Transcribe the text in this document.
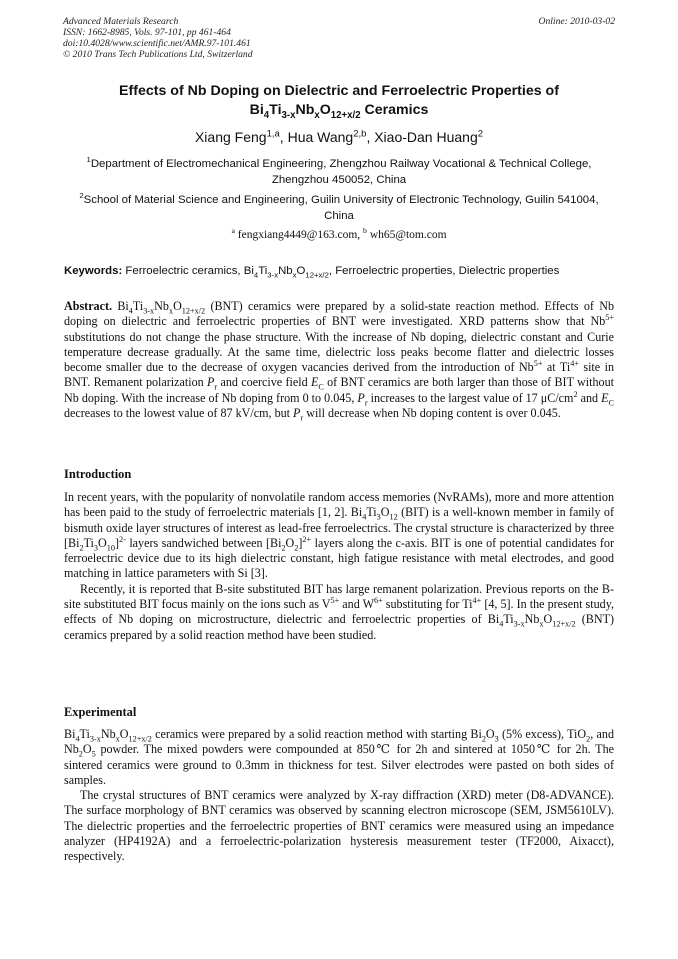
Advanced Materials Research
ISSN: 1662-8985, Vols. 97-101, pp 461-464
doi:10.4028/www.scientific.net/AMR.97-101.461
© 2010 Trans Tech Publications Ltd, Switzerland
Online: 2010-03-02
Effects of Nb Doping on Dielectric and Ferroelectric Properties of
$Bi_4Ti_{3-x}Nb_xO_{12+x/2}$ Ceramics
Xiang Feng$^{1,a}$, Hua Wang$^{2,b}$, Xiao-Dan Huang$^2$
$^1$Department of Electromechanical Engineering, Zhengzhou Railway Vocational & Technical College, Zhengzhou 450052, China
$^2$School of Material Science and Engineering, Guilin University of Electronic Technology, Guilin 541004, China
$^a$ fengxiang4449@163.com, $^b$ wh65@tom.com
Keywords: Ferroelectric ceramics, $Bi_4Ti_{3-x}Nb_xO_{12+x/2}$, Ferroelectric properties, Dielectric properties
Abstract. $Bi_4Ti_{3-x}Nb_xO_{12+x/2}$ (BNT) ceramics were prepared by a solid-state reaction method. Effects of Nb doping on dielectric and ferroelectric properties of BNT were investigated. XRD patterns show that $Nb^{5+}$ substitutions do not change the phase structure. With the increase of Nb doping, dielectric constant and Curie temperature decrease gradually. At the same time, dielectric loss peaks become flatter and dielectric losses become smaller due to the decrease of oxygen vacancies derived from the introduction of $Nb^{5+}$ at $Ti^{4+}$ site in BNT. Remanent polarization $P_r$ and coercive field $E_C$ of BNT ceramics are both larger than those of BIT without Nb doping. With the increase of Nb doping from 0 to 0.045, $P_r$ increases to the largest value of 17 $\mu C/cm^2$ and $E_C$ decreases to the lowest value of 87 kV/cm, but $P_r$ will decrease when Nb doping content is over 0.045.
Introduction

In recent years, with the popularity of nonvolatile random access memories (NvRAMs), more and more attention has been paid to the study of ferroelectric materials [1, 2]. $Bi_4Ti_3O_{12}$ (BIT) is a well-known member in family of bismuth oxide layer structures of interest as lead-free ferroelectrics. The crystal structure is characterized by three $[Bi_2Ti_3O_{10}]^{2-}$ layers sandwiched between $[Bi_2O_2]^{2+}$ layers along the c-axis. BIT is one of potential candidates for ferroelectric device due to its high dielectric constant, high fatigue resistance with metal electrodes, and good matching in lattice parameters with Si [3].

Recently, it is reported that B-site substituted BIT has large remanent polarization. Previous reports on the B-site substituted BIT focus mainly on the ions such as $V^{5+}$ and $W^{6+}$ substituting for $Ti^{4+}$ [4, 5]. In the present study, effects of Nb doping on microstructure, dielectric and ferroelectric properties of $Bi_4Ti_{3-x}Nb_xO_{12+x/2}$ (BNT) ceramics prepared by a solid reaction method have been studied.

Experimental

$Bi_4Ti_{3-x}Nb_xO_{12+x/2}$ ceramics were prepared by a solid reaction method with starting $Bi_2O_3$ (5% excess), TiO$_2$, and $Nb_2O_5$ powder. The mixed powders were compounded at 850℃ for 2h and sintered at 1050℃ for 2h. The sintered ceramics were ground to 0.3mm in thickness for test. Silver electrodes were pasted on both sides of samples.

The crystal structures of BNT ceramics were analyzed by X-ray diffraction (XRD) meter (D8-ADVANCE). The surface morphology of BNT ceramics was observed by scanning electron microscope (SEM, JSM5610LV). The dielectric properties and the ferroelectric properties of BNT ceramics were measured using an impedance analyzer (HP4192A) and a ferroelectric-polarization hysteresis measurement tester (TF2000, Aixacct), respectively.
